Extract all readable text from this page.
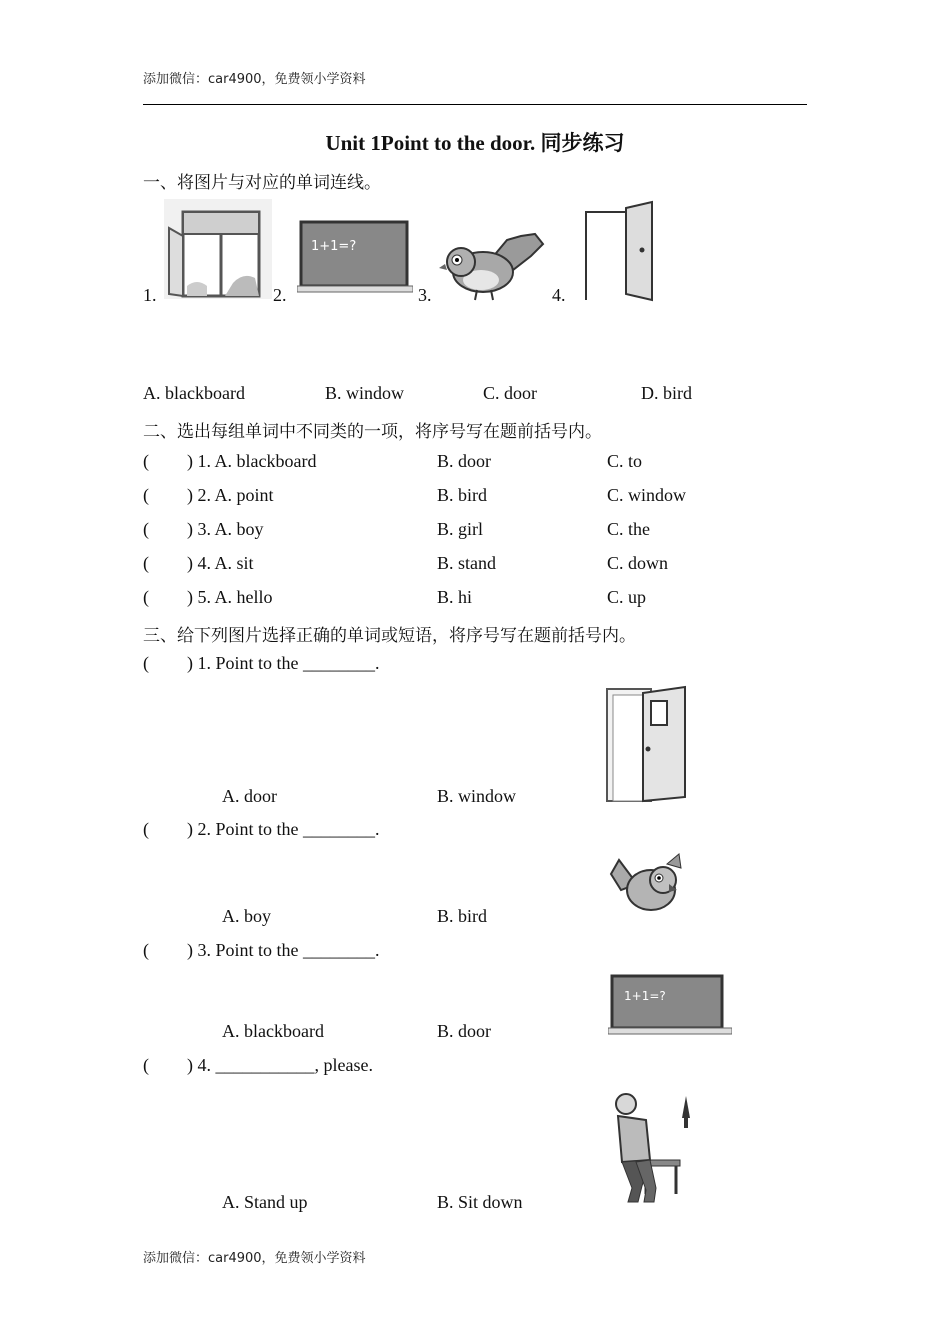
添加微信：car4900，免费领小学资料
Unit 1Point to the door. 同步练习
一、将图片与对应的单词连线。
1.	2.	3.	4.
1+1=?
A. blackboard	B. window	C. door	D. bird
二、选出每组单词中不同类的一项，将序号写在题前括号内。
( ) 1. A. blackboard	B. door	C. to
( ) 2. A. point	B. bird	C. window
( ) 3. A. boy	B. girl	C. the
( ) 4. A. sit	B. stand	C. down
( ) 5. A. hello	B. hi	C. up
三、给下列图片选择正确的单词或短语，将序号写在题前括号内。
( ) 1. Point to the ________.
A. door	B. window
( ) 2. Point to the ________.
A. boy	B. bird
( ) 3. Point to the ________.
1+1=?
A. blackboard	B. door
( ) 4. ___________, please.
A. Stand up	B. Sit down
添加微信：car4900，免费领小学资料
